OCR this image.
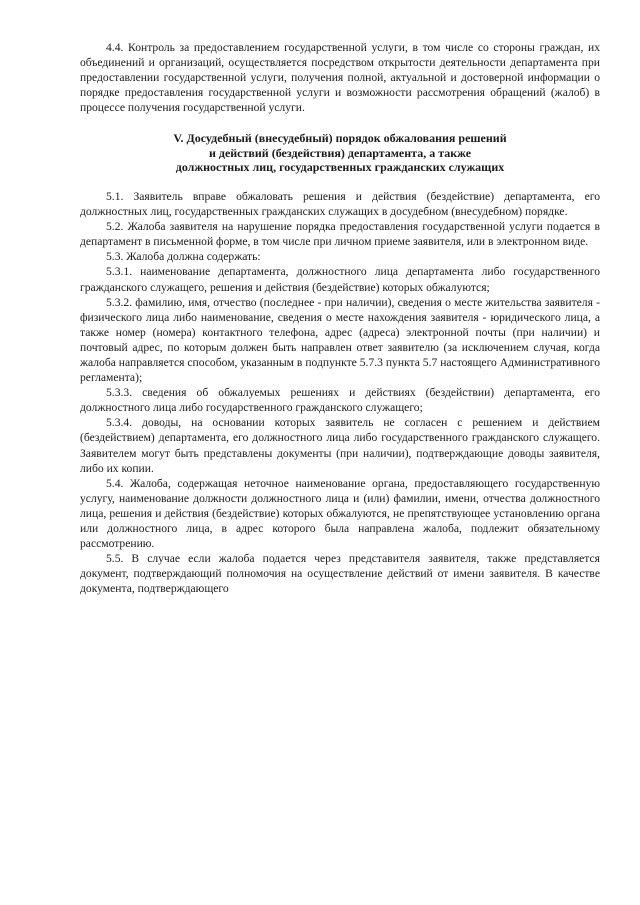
4.4. Контроль за предоставлением государственной услуги, в том числе со стороны граждан, их объединений и организаций, осуществляется посредством открытости деятельности департамента при предоставлении государственной услуги, получения полной, актуальной и достоверной информации о порядке предоставления государственной услуги и возможности рассмотрения обращений (жалоб) в процессе получения государственной услуги.

V. Досудебный (внесудебный) порядок обжалования решений
и действий (бездействия) департамента, а также
должностных лиц, государственных гражданских служащих

5.1. Заявитель вправе обжаловать решения и действия (бездействие) департамента, его должностных лиц, государственных гражданских служащих в досудебном (внесудебном) порядке.

5.2. Жалоба заявителя на нарушение порядка предоставления государственной услуги подается в департамент в письменной форме, в том числе при личном приеме заявителя, или в электронном виде.

5.3. Жалоба должна содержать:

5.3.1. наименование департамента, должностного лица департамента либо государственного гражданского служащего, решения и действия (бездействие) которых обжалуются;

5.3.2. фамилию, имя, отчество (последнее - при наличии), сведения о месте жительства заявителя - физического лица либо наименование, сведения о месте нахождения заявителя - юридического лица, а также номер (номера) контактного телефона, адрес (адреса) электронной почты (при наличии) и почтовый адрес, по которым должен быть направлен ответ заявителю (за исключением случая, когда жалоба направляется способом, указанным в подпункте 5.7.3 пункта 5.7 настоящего Административного регламента);

5.3.3. сведения об обжалуемых решениях и действиях (бездействии) департамента, его должностного лица либо государственного гражданского служащего;

5.3.4. доводы, на основании которых заявитель не согласен с решением и действием (бездействием) департамента, его должностного лица либо государственного гражданского служащего. Заявителем могут быть представлены документы (при наличии), подтверждающие доводы заявителя, либо их копии.

5.4. Жалоба, содержащая неточное наименование органа, предоставляющего государственную услугу, наименование должности должностного лица и (или) фамилии, имени, отчества должностного лица, решения и действия (бездействие) которых обжалуются, не препятствующее установлению органа или должностного лица, в адрес которого была направлена жалоба, подлежит обязательному рассмотрению.

5.5. В случае если жалоба подается через представителя заявителя, также представляется документ, подтверждающий полномочия на осуществление действий от имени заявителя. В качестве документа, подтверждающего
